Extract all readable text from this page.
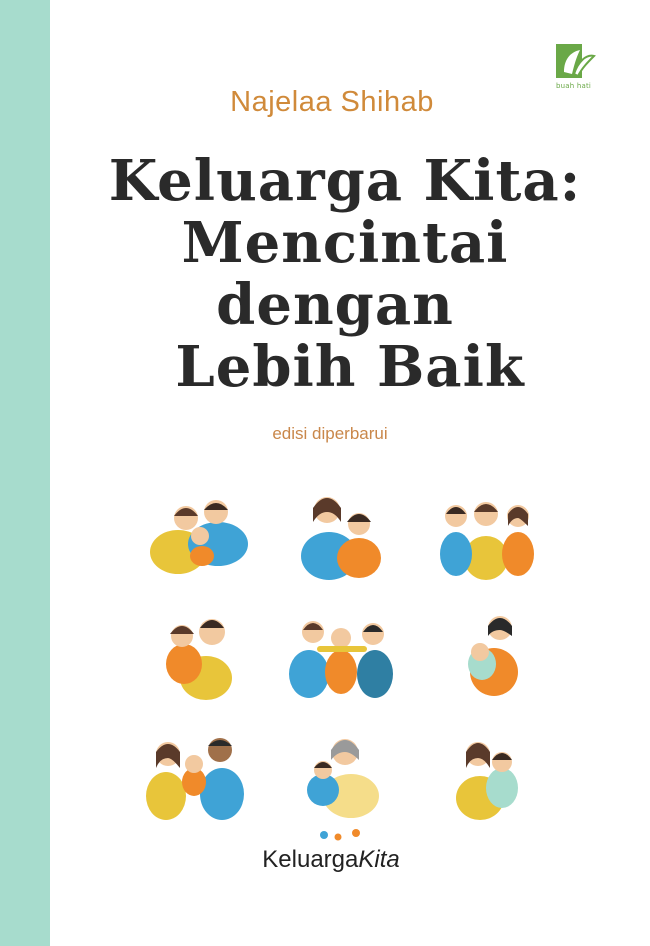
buah hati
Najelaa Shihab
Keluarga Kita:
Mencintai
dengan
Lebih Baik
edisi diperbarui
KeluargaKita
